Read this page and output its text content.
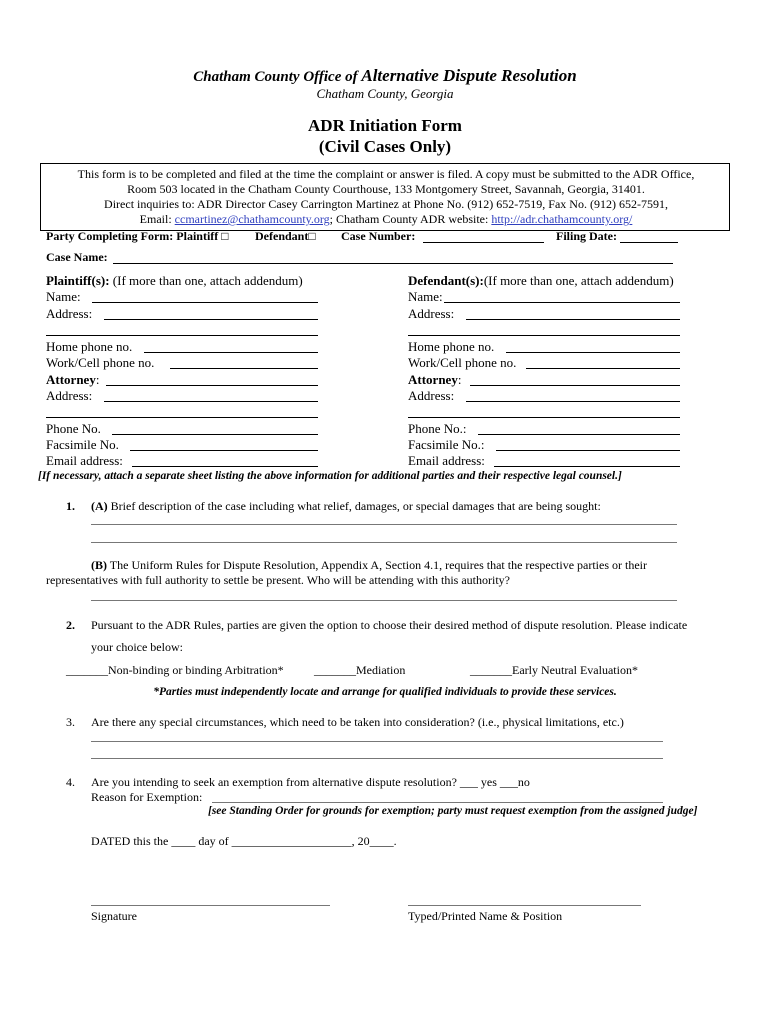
Chatham County Office of Alternative Dispute Resolution
Chatham County, Georgia
ADR Initiation Form
(Civil Cases Only)
This form is to be completed and filed at the time the complaint or answer is filed. A copy must be submitted to the ADR Office,
Room 503 located in the Chatham County Courthouse, 133 Montgomery Street, Savannah, Georgia, 31401.
Direct inquiries to: ADR Director Casey Carrington Martinez at Phone No. (912) 652-7519, Fax No. (912) 652-7591,
Email: ccmartinez@chathamcounty.org; Chatham County ADR website: http://adr.chathamcounty.org/
Party Completing Form: Plaintiff □ Defendant□ Case Number:	Filing Date:
Case Name:
Plaintiff(s): (If more than one, attach addendum)
Name:
Address:
Home phone no.
Work/Cell phone no.
Attorney:
Address:
Phone No.
Facsimile No.
Email address:
Defendant(s):(If more than one, attach addendum)
Name:
Address:
Home phone no.
Work/Cell phone no.
Attorney:
Address:
Phone No.:
Facsimile No.:
Email address:
[If necessary, attach a separate sheet listing the above information for additional parties and their respective legal counsel.]
1. (A) Brief description of the case including what relief, damages, or special damages that are being sought:
(B) The Uniform Rules for Dispute Resolution, Appendix A, Section 4.1, requires that the respective parties or their
representatives with full authority to settle be present. Who will be attending with this authority?
2. Pursuant to the ADR Rules, parties are given the option to choose their desired method of dispute resolution. Please indicate
your choice below:
_______Non-binding or binding Arbitration*	_______Mediation	_______Early Neutral Evaluation*
*Parties must independently locate and arrange for qualified individuals to provide these services.
3. Are there any special circumstances, which need to be taken into consideration? (i.e., physical limitations, etc.)
4. Are you intending to seek an exemption from alternative dispute resolution? ___ yes ___no
Reason for Exemption:
[see Standing Order for grounds for exemption; party must request exemption from the assigned judge]
DATED this the ____ day of ____________________, 20____.
Signature	Typed/Printed Name & Position
